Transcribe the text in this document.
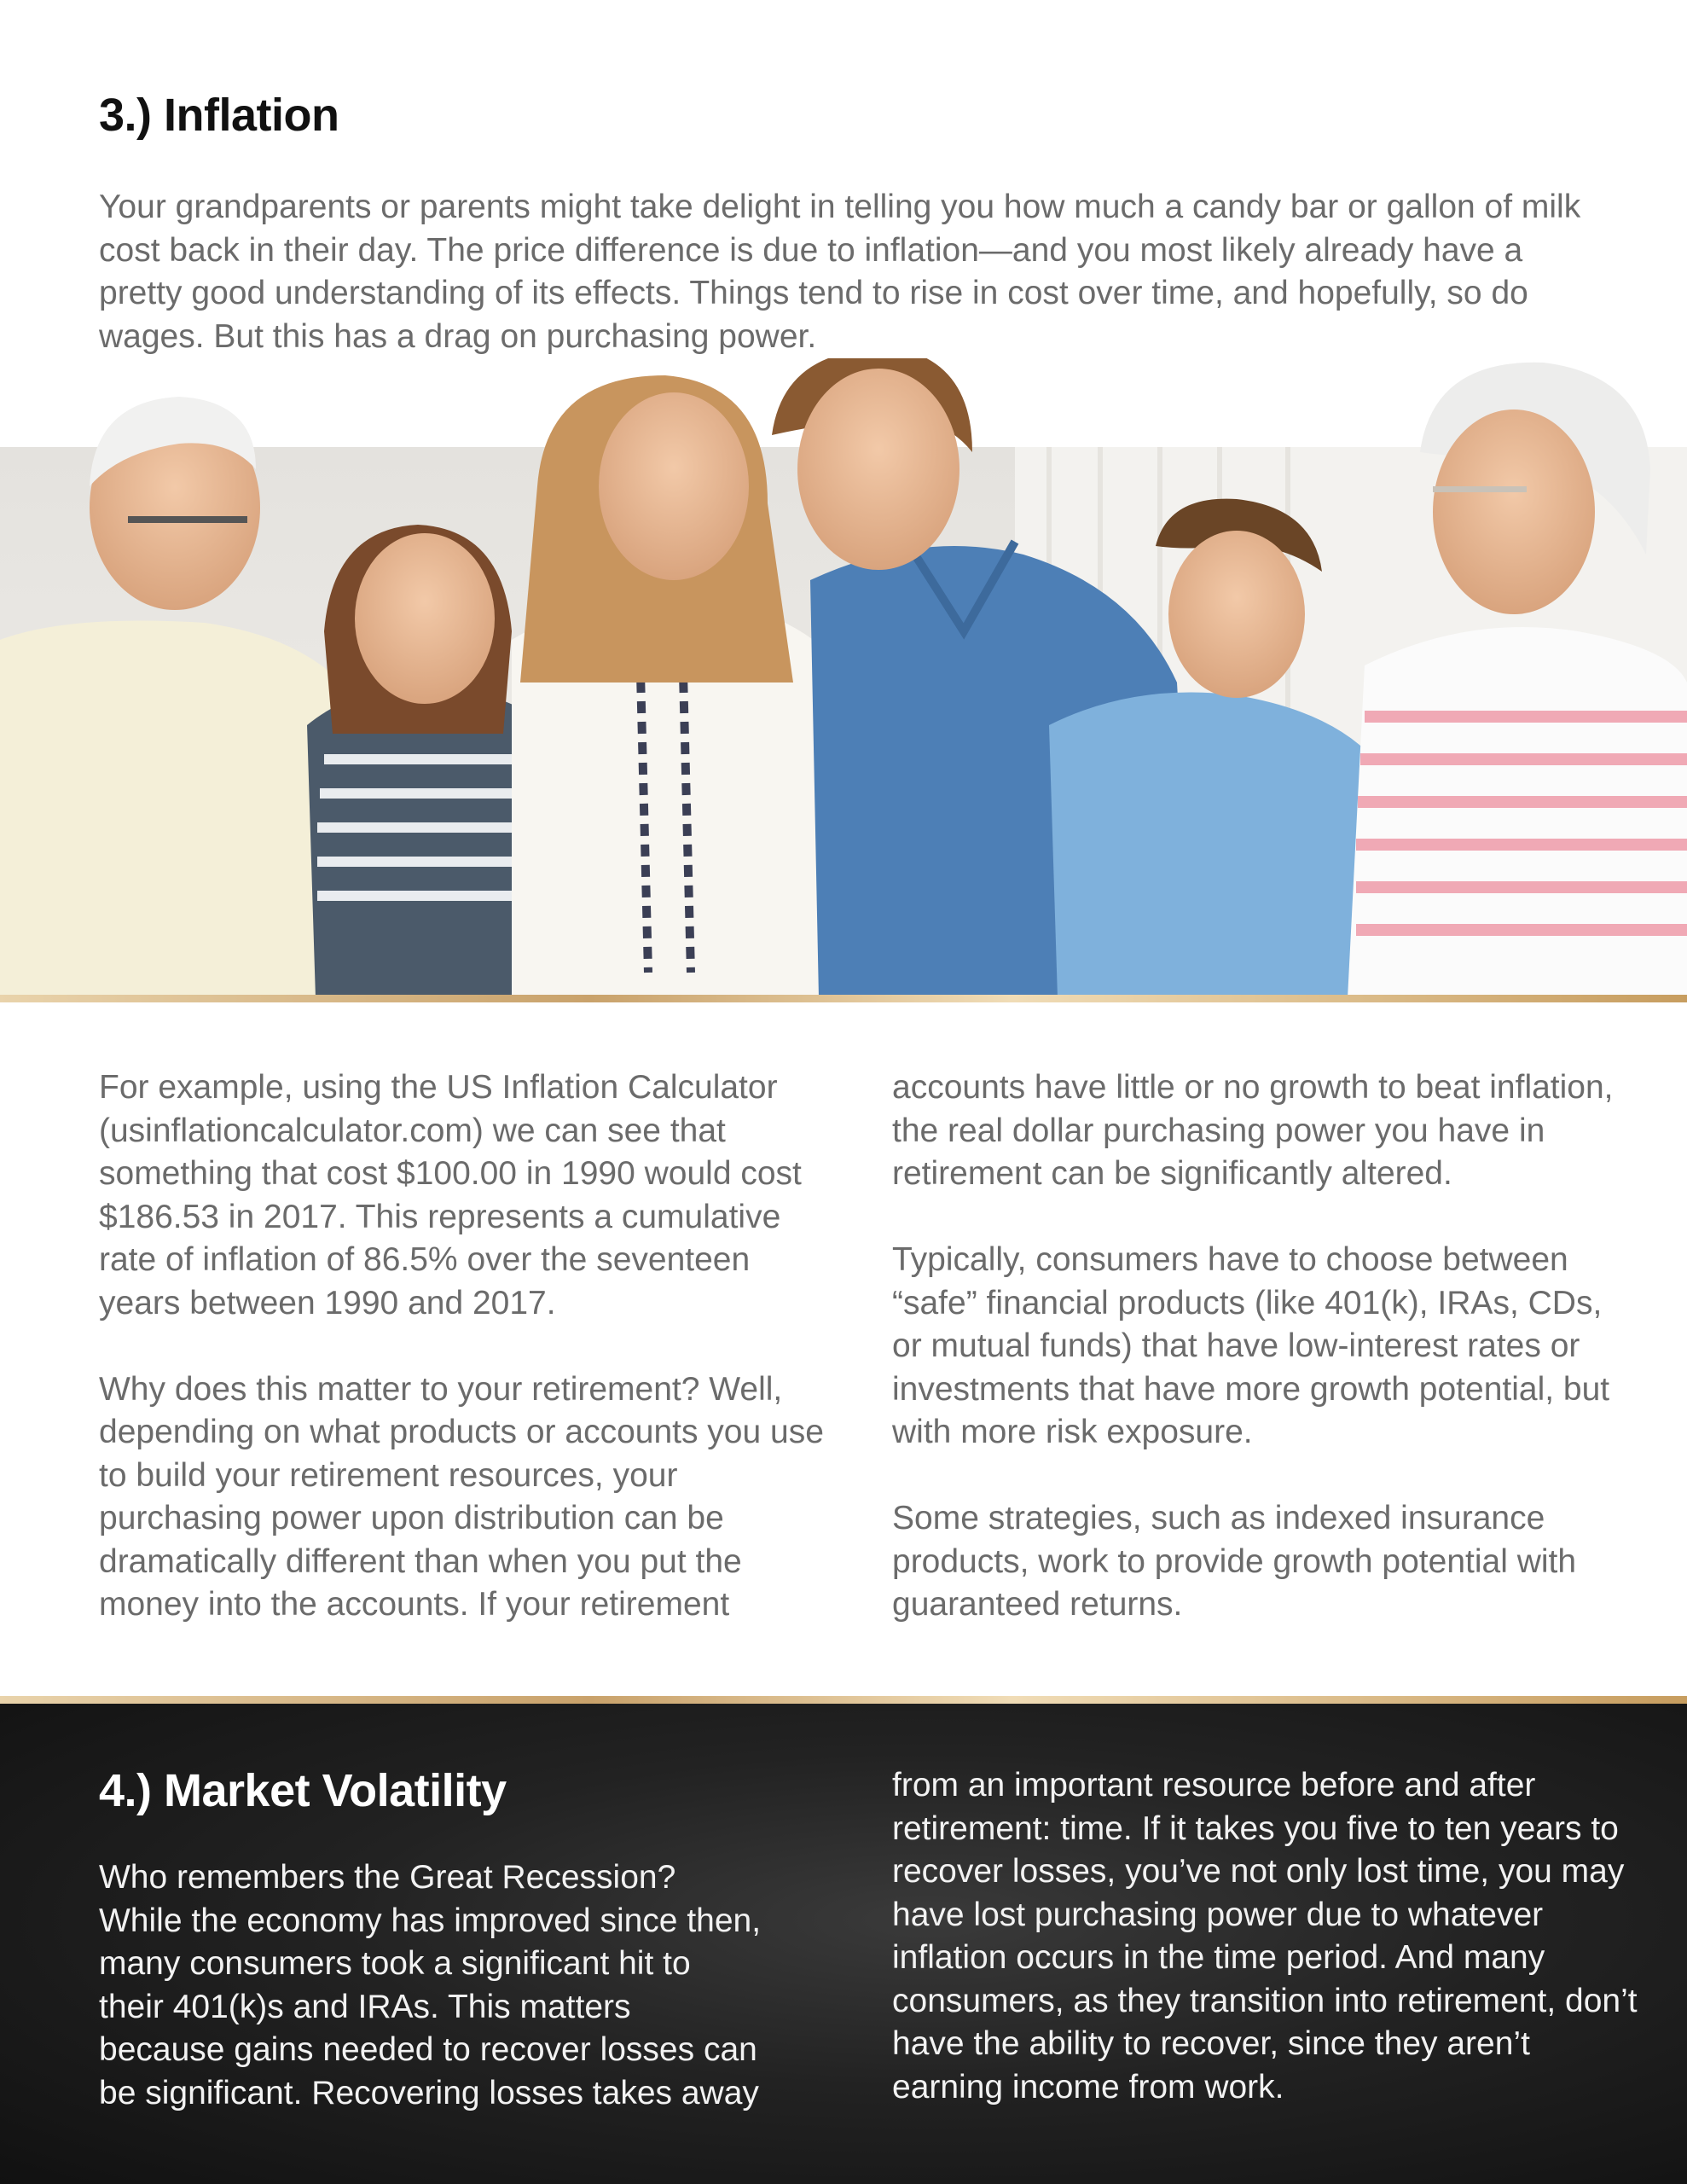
3.) Inflation

Your grandparents or parents might take delight in telling you how much a candy bar or gallon of milk cost back in their day. The price difference is due to inflation—and you most likely already have a pretty good understanding of its effects. Things tend to rise in cost over time, and hopefully, so do wages. But this has a drag on purchasing power.

For example, using the US Inflation Calculator (usinflationcalculator.com) we can see that something that cost $100.00 in 1990 would cost $186.53 in 2017. This represents a cumulative rate of inflation of 86.5% over the seventeen years between 1990 and 2017.

Why does this matter to your retirement? Well, depending on what products or accounts you use to build your retirement resources, your purchasing power upon distribution can be dramatically different than when you put the money into the accounts. If your retirement

accounts have little or no growth to beat inflation, the real dollar purchasing power you have in retirement can be significantly altered.

Typically, consumers have to choose between “safe” financial products (like 401(k), IRAs, CDs, or mutual funds) that have low-interest rates or investments that have more growth potential, but with more risk exposure.

Some strategies, such as indexed insurance products, work to provide growth potential with guaranteed returns.

4.) Market Volatility

Who remembers the Great Recession? While the economy has improved since then, many consumers took a significant hit to their 401(k)s and IRAs. This matters because gains needed to recover losses can be significant. Recovering losses takes away

from an important resource before and after retirement: time. If it takes you five to ten years to recover losses, you’ve not only lost time, you may have lost purchasing power due to whatever inflation occurs in the time period. And many consumers, as they transition into retirement, don’t have the ability to recover, since they aren’t earning income from work.
